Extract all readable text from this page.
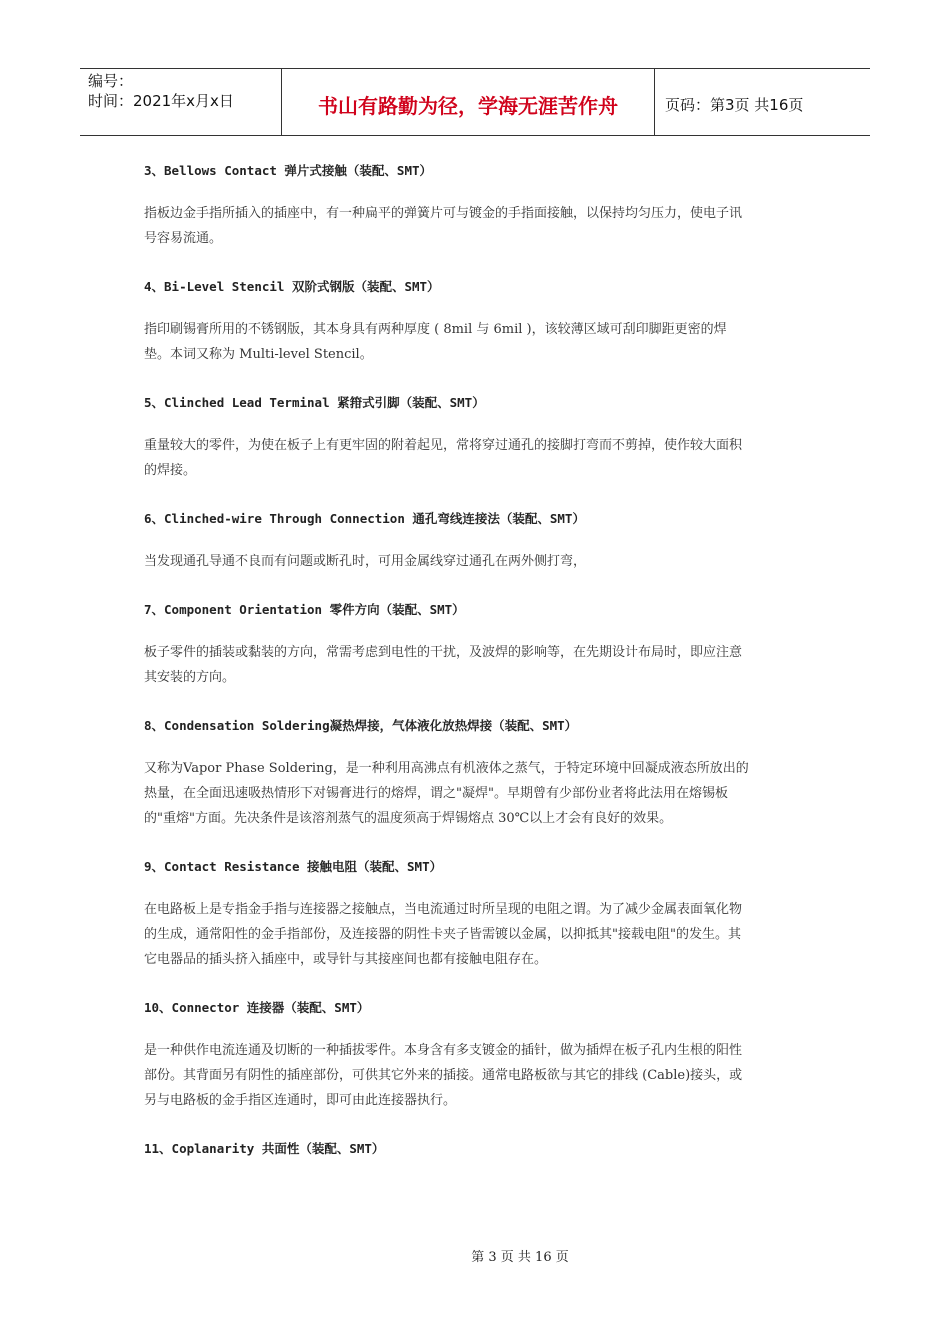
编号：
时间：2021年x月x日	书山有路勤为径，学海无涯苦作舟	页码：第3页 共16页
3、Bellows Contact 弹片式接触（装配、SMT）
指板边金手指所插入的插座中，有一种扁平的弹簧片可与镀金的手指面接触，以保持均匀压力，使电子讯
号容易流通。
4、Bi-Level Stencil 双阶式钢版（装配、SMT）
指印刷锡膏所用的不锈钢版，其本身具有两种厚度 ( 8mil 与 6mil )，该较薄区域可刮印脚距更密的焊
垫。本词又称为 Multi-level Stencil。
5、Clinched Lead Terminal 紧箝式引脚（装配、SMT）
重量较大的零件，为使在板子上有更牢固的附着起见，常将穿过通孔的接脚打弯而不剪掉，使作较大面积
的焊接。
6、Clinched-wire Through Connection 通孔弯线连接法（装配、SMT）
当发现通孔导通不良而有问题或断孔时，可用金属线穿过通孔在两外侧打弯，
7、Component Orientation 零件方向（装配、SMT）
板子零件的插装或黏装的方向，常需考虑到电性的干扰，及波焊的影响等，在先期设计布局时，即应注意
其安装的方向。
8、Condensation Soldering凝热焊接，气体液化放热焊接（装配、SMT）
又称为Vapor Phase Soldering，是一种利用高沸点有机液体之蒸气，于特定环境中回凝成液态所放出的
热量，在全面迅速吸热情形下对锡膏进行的熔焊，谓之"凝焊"。早期曾有少部份业者将此法用在熔锡板
的"重熔"方面。先决条件是该溶剂蒸气的温度须高于焊锡熔点 30℃以上才会有良好的效果。
9、Contact Resistance 接触电阻（装配、SMT）
在电路板上是专指金手指与连接器之接触点，当电流通过时所呈现的电阻之谓。为了减少金属表面氧化物
的生成，通常阳性的金手指部份，及连接器的阴性卡夹子皆需镀以金属，以抑抵其"接载电阻"的发生。其
它电器品的插头挤入插座中，或导针与其接座间也都有接触电阻存在。
10、Connector 连接器（装配、SMT）
是一种供作电流连通及切断的一种插拔零件。本身含有多支镀金的插针，做为插焊在板子孔内生根的阳性
部份。其背面另有阴性的插座部份，可供其它外来的插接。通常电路板欲与其它的排线 (Cable)接头，或
另与电路板的金手指区连通时，即可由此连接器执行。
11、Coplanarity 共面性（装配、SMT）
第 3 页 共 16 页
